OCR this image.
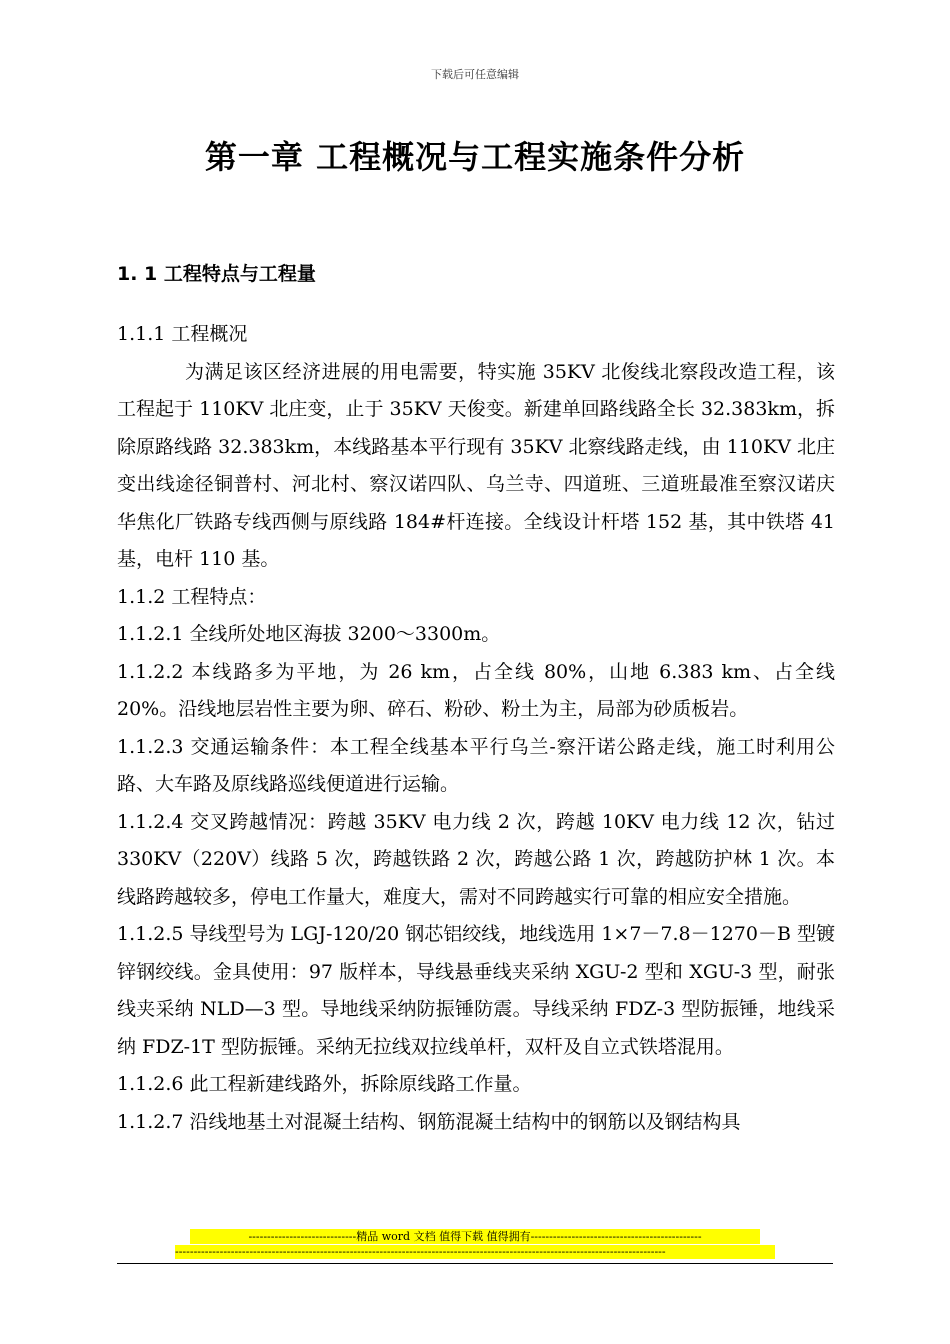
下载后可任意编辑
第一章 工程概况与工程实施条件分析
1. 1 工程特点与工程量

1.1.1 工程概况

为满足该区经济进展的用电需要，特实施 35KV 北俊线北察段改造工程，该工程起于 110KV 北庄变，止于 35KV 天俊变。新建单回路线路全长 32.383km，拆除原路线路 32.383km，本线路基本平行现有 35KV 北察线路走线，由 110KV 北庄变出线途径铜普村、河北村、察汉诺四队、乌兰寺、四道班、三道班最准至察汉诺庆华焦化厂铁路专线西侧与原线路 184#杆连接。全线设计杆塔 152 基，其中铁塔 41 基，电杆 110 基。

1.1.2 工程特点：

1.1.2.1 全线所处地区海拔 3200～3300m。

1.1.2.2 本线路多为平地，为 26 km，占全线 80%，山地 6.383 km、占全线 20%。沿线地层岩性主要为卵、碎石、粉砂、粉土为主，局部为砂质板岩。

1.1.2.3 交通运输条件：本工程全线基本平行乌兰-察汗诺公路走线，施工时利用公路、大车路及原线路巡线便道进行运输。

1.1.2.4 交叉跨越情况：跨越 35KV 电力线 2 次，跨越 10KV 电力线 12 次，钻过 330KV（220V）线路 5 次，跨越铁路 2 次，跨越公路 1 次，跨越防护林 1 次。本线路跨越较多，停电工作量大，难度大，需对不同跨越实行可靠的相应安全措施。

1.1.2.5 导线型号为 LGJ-120/20 钢芯铝绞线，地线选用 1×7－7.8－1270－B 型镀锌钢绞线。金具使用：97 版样本，导线悬垂线夹采纳 XGU-2 型和 XGU-3 型，耐张线夹采纳 NLD—3 型。导地线采纳防振锤防震。导线采纳 FDZ-3 型防振锤，地线采纳 FDZ-1T 型防振锤。采纳无拉线双拉线单杆，双杆及自立式铁塔混用。

1.1.2.6 此工程新建线路外，拆除原线路工作量。

1.1.2.7 沿线地基土对混凝土结构、钢筋混凝土结构中的钢筋以及钢结构具

-----------------------------精品 word 文档 值得下载 值得拥有----------------------------------------------
------------------------------------------------------------------------------------------------------------------------------------
